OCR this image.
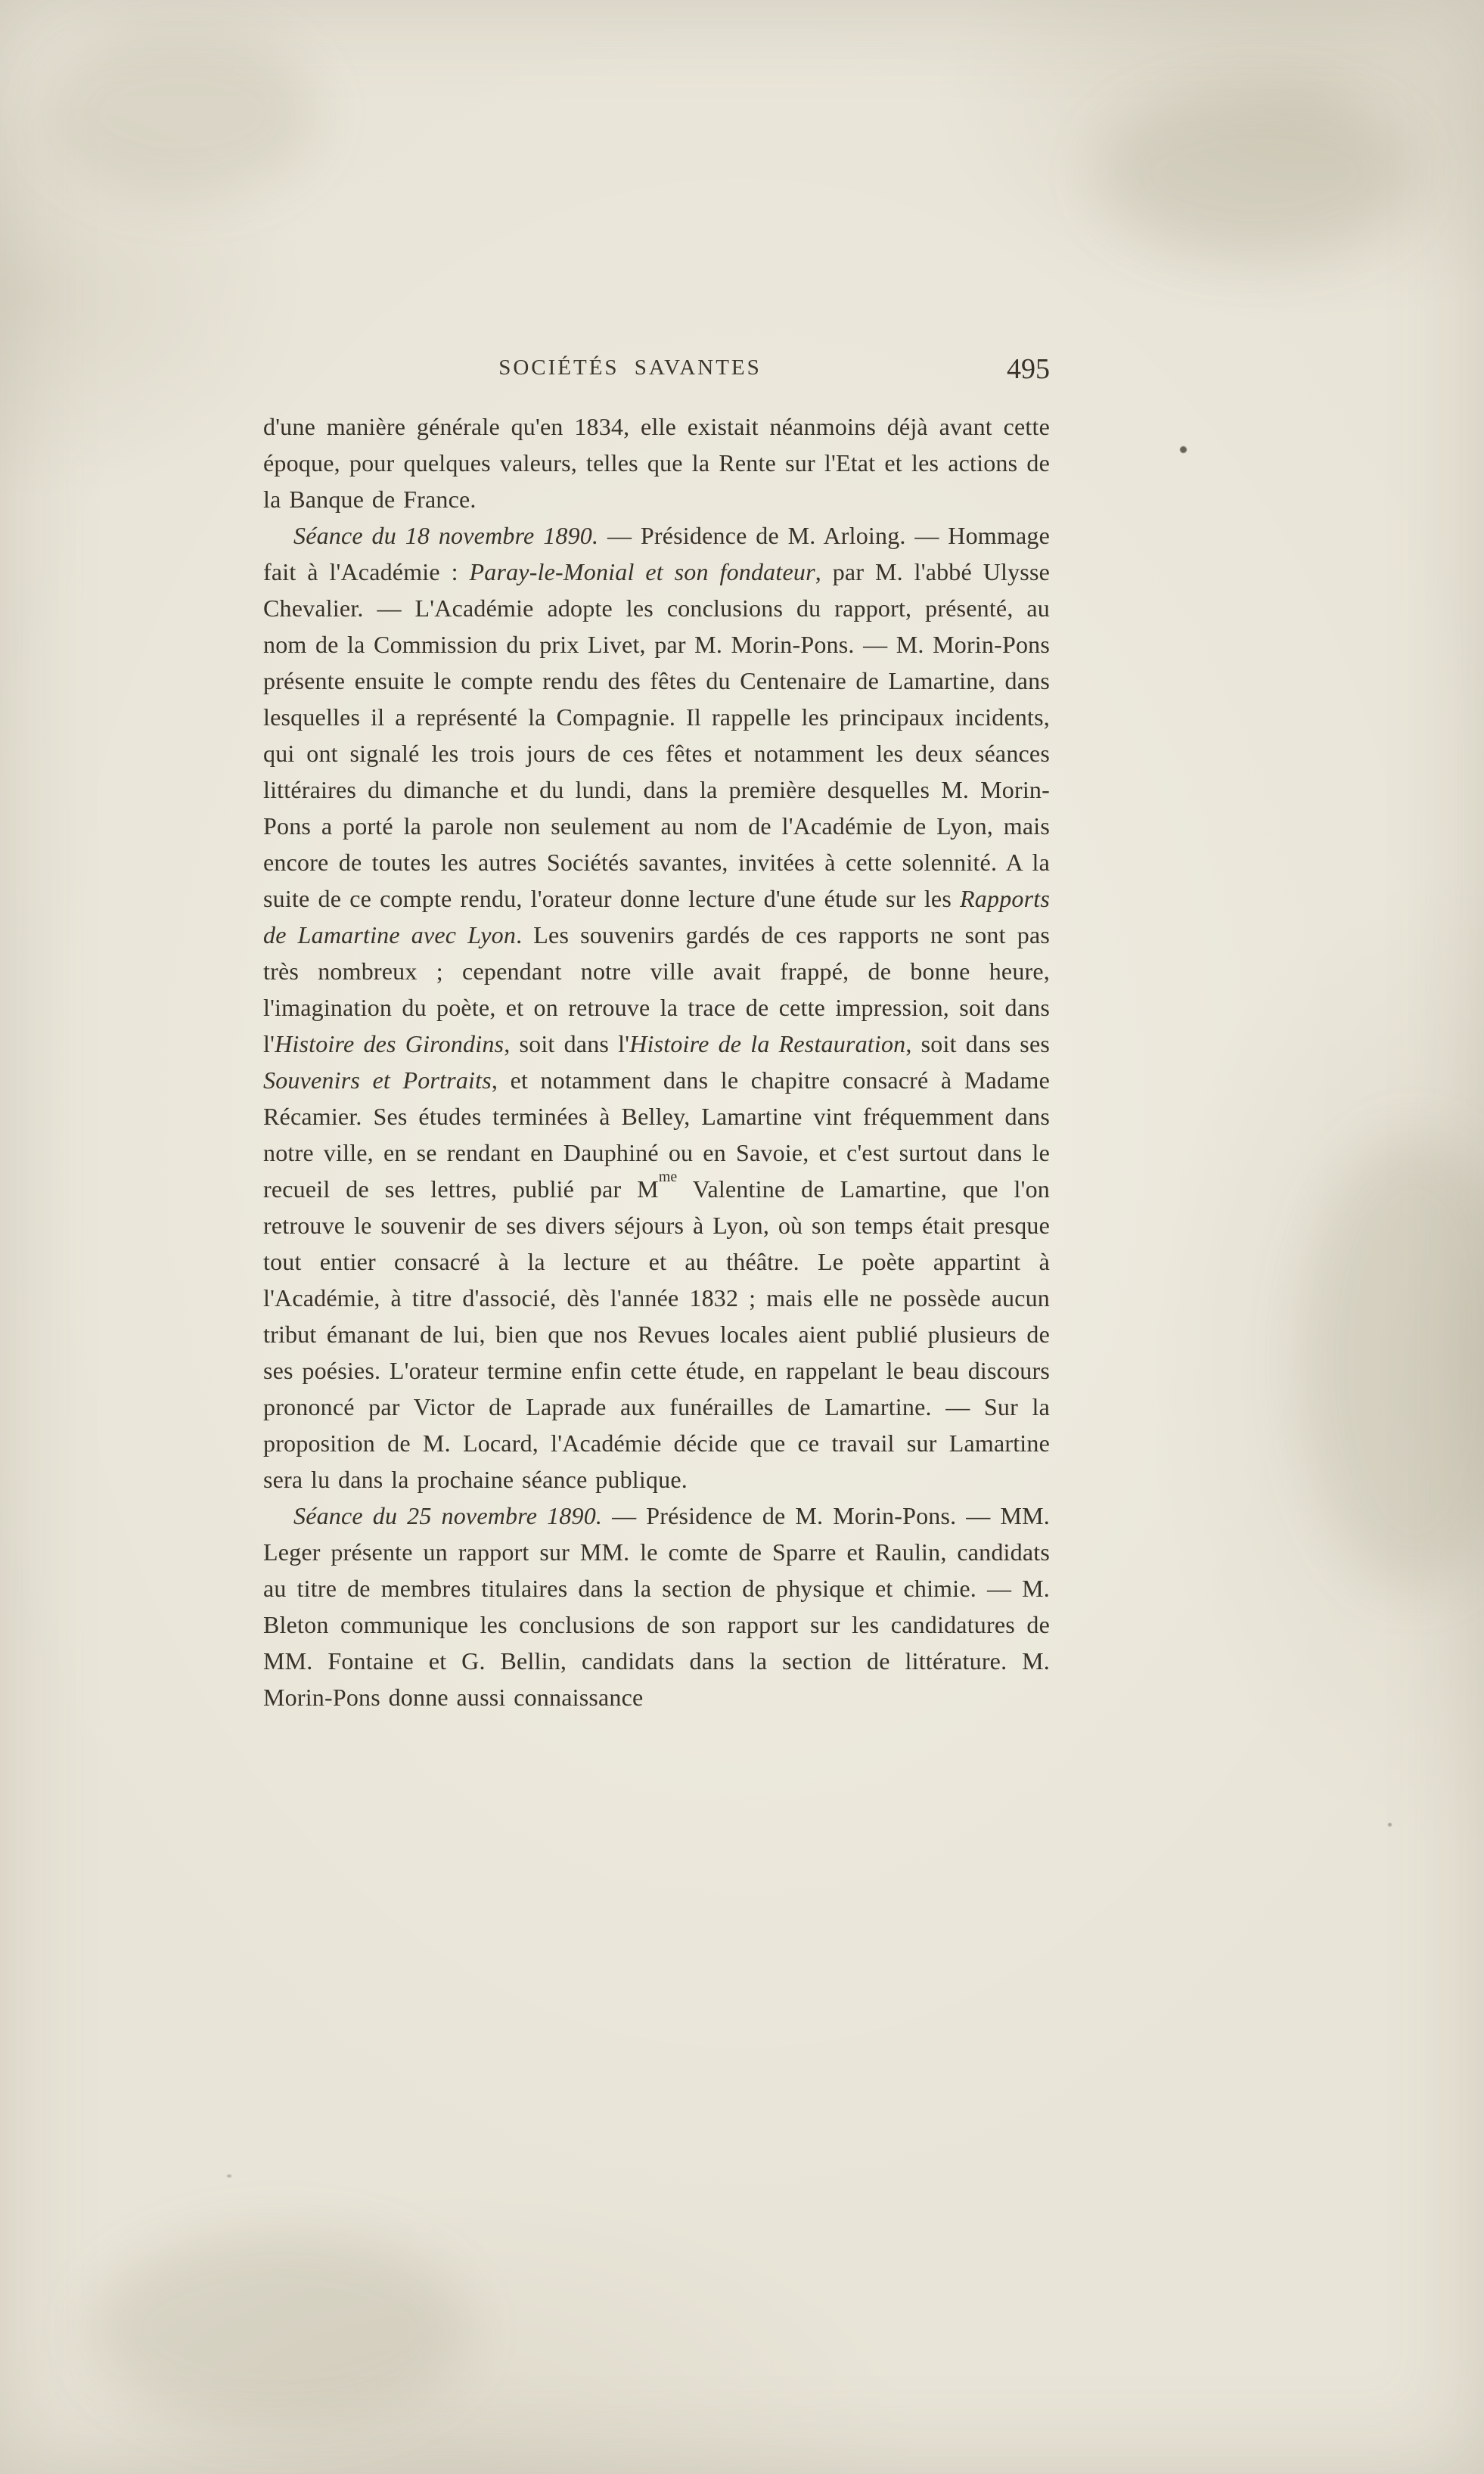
SOCIÉTÉS SAVANTES	495

d'une manière générale qu'en 1834, elle existait néanmoins déjà avant cette époque, pour quelques valeurs, telles que la Rente sur l'Etat et les actions de la Banque de France.

Séance du 18 novembre 1890. — Présidence de M. Arloing. — Hommage fait à l'Académie : Paray-le-Monial et son fondateur, par M. l'abbé Ulysse Chevalier. — L'Académie adopte les conclusions du rapport, présenté, au nom de la Commission du prix Livet, par M. Morin-Pons. — M. Morin-Pons présente ensuite le compte rendu des fêtes du Centenaire de Lamartine, dans lesquelles il a représenté la Compagnie. Il rappelle les principaux incidents, qui ont signalé les trois jours de ces fêtes et notamment les deux séances littéraires du dimanche et du lundi, dans la première desquelles M. Morin-Pons a porté la parole non seulement au nom de l'Académie de Lyon, mais encore de toutes les autres Sociétés savantes, invitées à cette solennité. A la suite de ce compte rendu, l'orateur donne lecture d'une étude sur les Rapports de Lamartine avec Lyon. Les souvenirs gardés de ces rapports ne sont pas très nombreux ; cependant notre ville avait frappé, de bonne heure, l'imagination du poète, et on retrouve la trace de cette impression, soit dans l'Histoire des Girondins, soit dans l'Histoire de la Restauration, soit dans ses Souvenirs et Portraits, et notamment dans le chapitre consacré à Madame Récamier. Ses études terminées à Belley, Lamartine vint fréquemment dans notre ville, en se rendant en Dauphiné ou en Savoie, et c'est surtout dans le recueil de ses lettres, publié par $M^{me}$ Valentine de Lamartine, que l'on retrouve le souvenir de ses divers séjours à Lyon, où son temps était presque tout entier consacré à la lecture et au théâtre. Le poète appartint à l'Académie, à titre d'associé, dès l'année 1832 ; mais elle ne possède aucun tribut émanant de lui, bien que nos Revues locales aient publié plusieurs de ses poésies. L'orateur termine enfin cette étude, en rappelant le beau discours prononcé par Victor de Laprade aux funérailles de Lamartine. — Sur la proposition de M. Locard, l'Académie décide que ce travail sur Lamartine sera lu dans la prochaine séance publique.

Séance du 25 novembre 1890. — Présidence de M. Morin-Pons. — MM. Leger présente un rapport sur MM. le comte de Sparre et Raulin, candidats au titre de membres titulaires dans la section de physique et chimie. — M. Bleton communique les conclusions de son rapport sur les candidatures de MM. Fontaine et G. Bellin, candidats dans la section de littérature. M. Morin-Pons donne aussi connaissance
